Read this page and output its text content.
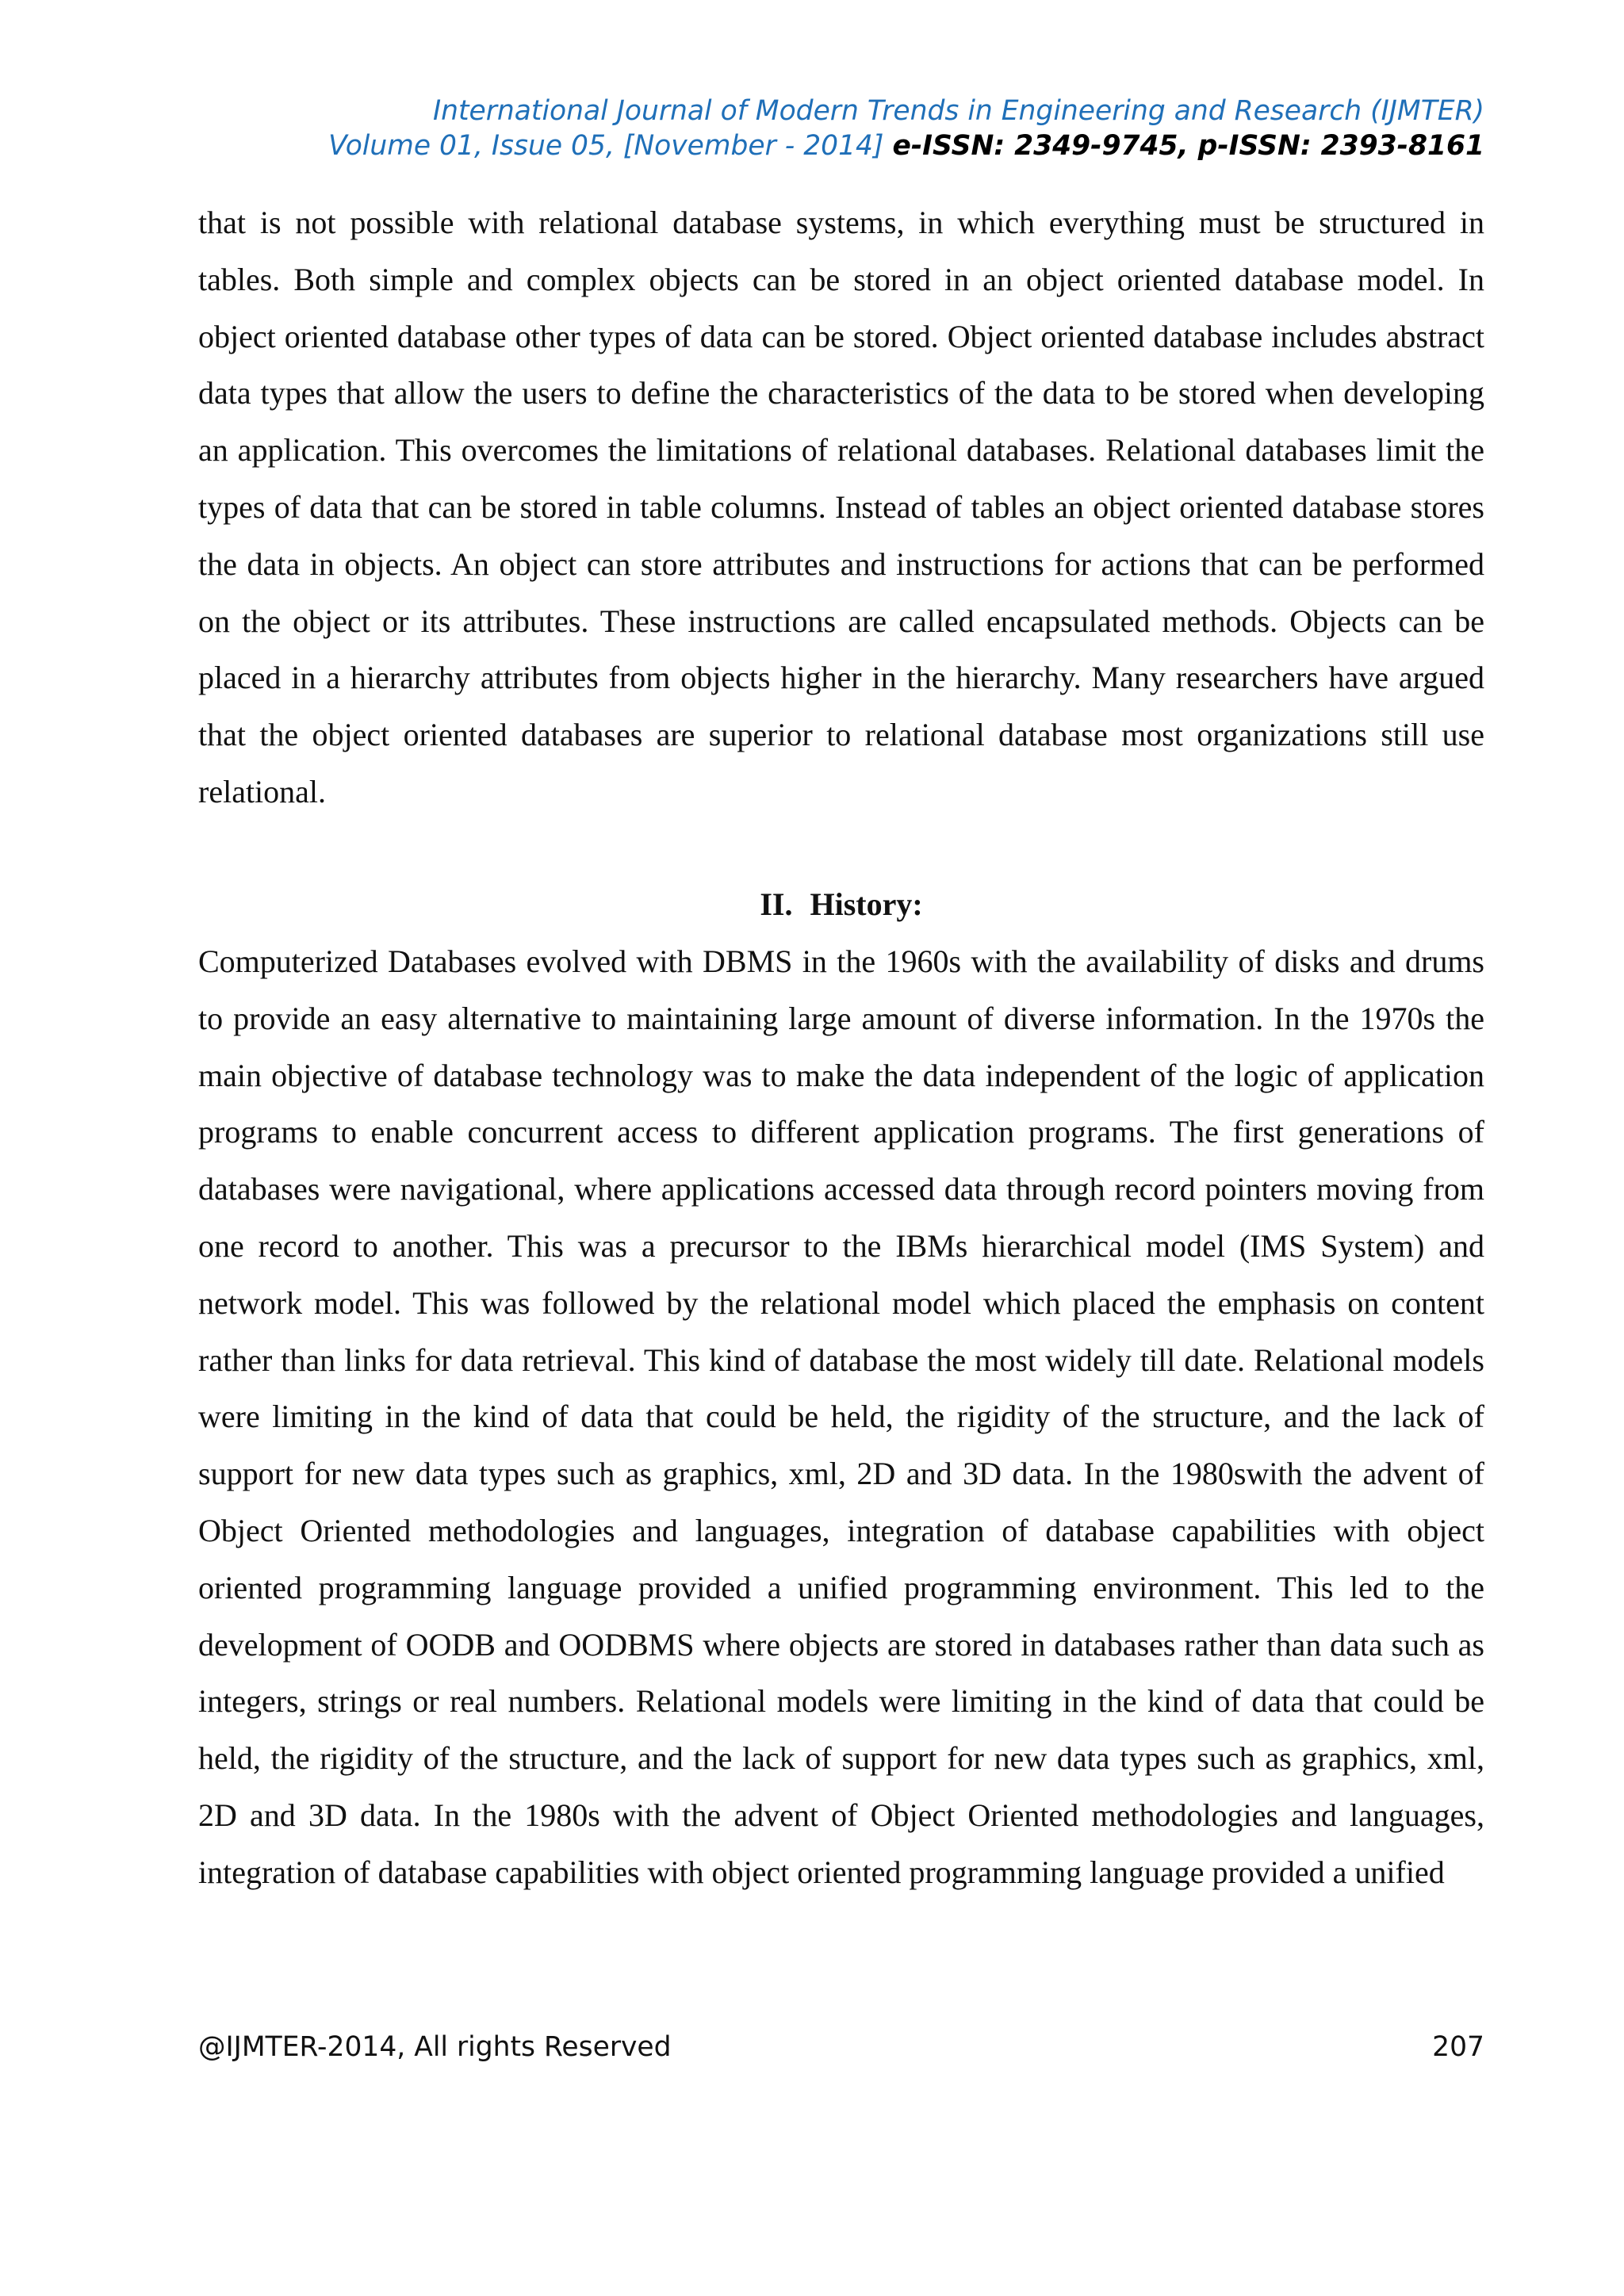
International Journal of Modern Trends in Engineering and Research (IJMTER)
Volume 01, Issue 05, [November - 2014] e-ISSN: 2349-9745, p-ISSN: 2393-8161
that is not possible with relational database systems, in which everything must be structured in tables. Both simple and complex objects can be stored in an object oriented database model. In object oriented database other types of data can be stored. Object oriented database includes abstract data types that allow the users to define the characteristics of the data to be stored when developing an application. This overcomes the limitations of relational databases. Relational databases limit the types of data that can be stored in table columns. Instead of tables an object oriented database stores the data in objects. An object can store attributes and instructions for actions that can be performed on the object or its attributes. These instructions are called encapsulated methods. Objects can be placed in a hierarchy attributes from objects higher in the hierarchy. Many researchers have argued that the object oriented databases are superior to relational database most organizations still use relational.
II. History:
Computerized Databases evolved with DBMS in the 1960s with the availability of disks and drums to provide an easy alternative to maintaining large amount of diverse information. In the 1970s the main objective of database technology was to make the data independent of the logic of application programs to enable concurrent access to different application programs. The first generations of databases were navigational, where applications accessed data through record pointers moving from one record to another. This was a precursor to the IBMs hierarchical model (IMS System) and network model. This was followed by the relational model which placed the emphasis on content rather than links for data retrieval. This kind of database the most widely till date. Relational models were limiting in the kind of data that could be held, the rigidity of the structure, and the lack of support for new data types such as graphics, xml, 2D and 3D data. In the 1980swith the advent of Object Oriented methodologies and languages, integration of database capabilities with object oriented programming language provided a unified programming environment. This led to the development of OODB and OODBMS where objects are stored in databases rather than data such as integers, strings or real numbers. Relational models were limiting in the kind of data that could be held, the rigidity of the structure, and the lack of support for new data types such as graphics, xml, 2D and 3D data. In the 1980s with the advent of Object Oriented methodologies and languages, integration of database capabilities with object oriented programming language provided a unified
@IJMTER-2014, All rights Reserved	207
